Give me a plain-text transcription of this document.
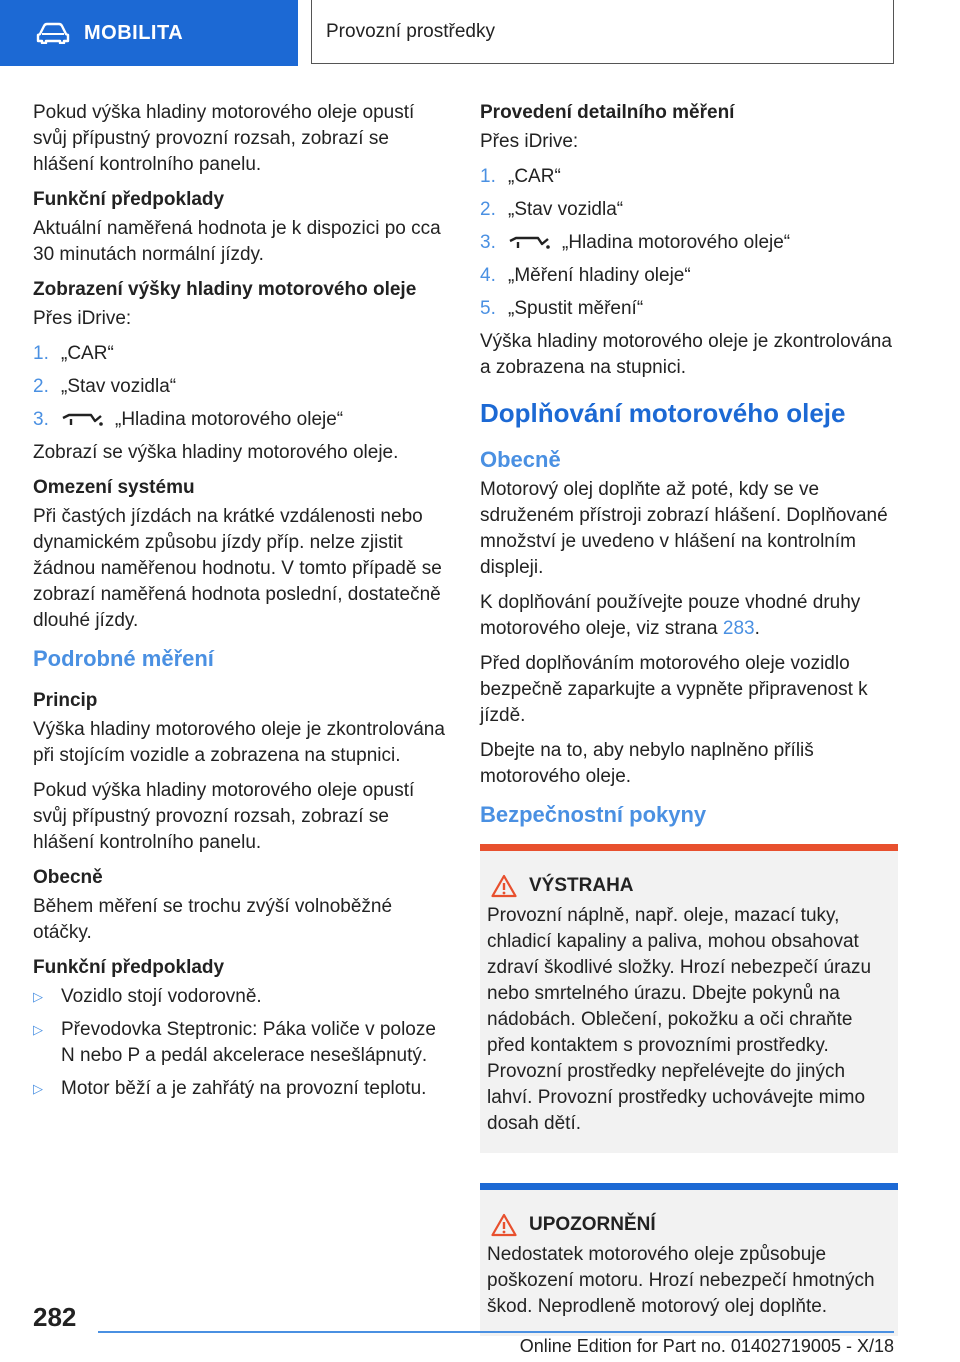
MOBILITA	Provozní prostředky

Pokud výška hladiny motorového oleje opustí svůj přípustný provozní rozsah, zobrazí se hlášení kontrolního panelu.

Funkční předpoklady

Aktuální naměřená hodnota je k dispozici po cca 30 minutách normální jízdy.

Zobrazení výšky hladiny motorového oleje

Přes iDrive:

1. „CAR“
2. „Stav vozidla“
3.	„Hladina motorového oleje“

Zobrazí se výška hladiny motorového oleje.

Omezení systému

Při častých jízdách na krátké vzdálenosti nebo dynamickém způsobu jízdy příp. nelze zjistit žádnou naměřenou hodnotu. V tomto případě se zobrazí naměřená hodnota poslední, dostatečně dlouhé jízdy.

Podrobné měření
Princip

Výška hladiny motorového oleje je zkontrolována při stojícím vozidle a zobrazena na stupnici.

Pokud výška hladiny motorového oleje opustí svůj přípustný provozní rozsah, zobrazí se hlášení kontrolního panelu.

Obecně

Během měření se trochu zvýší volnoběžné otáčky.

Funkční předpoklady
▷ Vozidlo stojí vodorovně.
▷ Převodovka Steptronic: Páka voliče v poloze N nebo P a pedál akcelerace nesešlápnutý.
▷ Motor běží a je zahřátý na provozní teplotu.
Provedení detailního měření

Přes iDrive:

1. „CAR“
2. „Stav vozidla“
3.	„Hladina motorového oleje“
4. „Měření hladiny oleje“
5. „Spustit měření“

Výška hladiny motorového oleje je zkontrolována a zobrazena na stupnici.

Doplňování motorového oleje
Obecně

Motorový olej doplňte až poté, kdy se ve sdruženém přístroji zobrazí hlášení. Doplňované množství je uvedeno v hlášení na kontrolním displeji.

K doplňování používejte pouze vhodné druhy motorového oleje, viz strana 283.

Před doplňováním motorového oleje vozidlo bezpečně zaparkujte a vypněte připravenost k jízdě.

Dbejte na to, aby nebylo naplněno příliš motorového oleje.

Bezpečnostní pokyny
VÝSTRAHA

Provozní náplně, např. oleje, mazací tuky, chladicí kapaliny a paliva, mohou obsahovat zdraví škodlivé složky. Hrozí nebezpečí úrazu nebo smrtelného úrazu. Dbejte pokynů na nádobách. Oblečení, pokožku a oči chraňte před kontaktem s provozními prostředky. Provozní prostředky nepřelévejte do jiných lahví. Provozní prostředky uchovávejte mimo dosah dětí.

UPOZORNĚNÍ

Nedostatek motorového oleje způsobuje poškození motoru. Hrozí nebezpečí hmotných škod. Neprodleně motorový olej doplňte.

282
Online Edition for Part no. 01402719005 - X/18
